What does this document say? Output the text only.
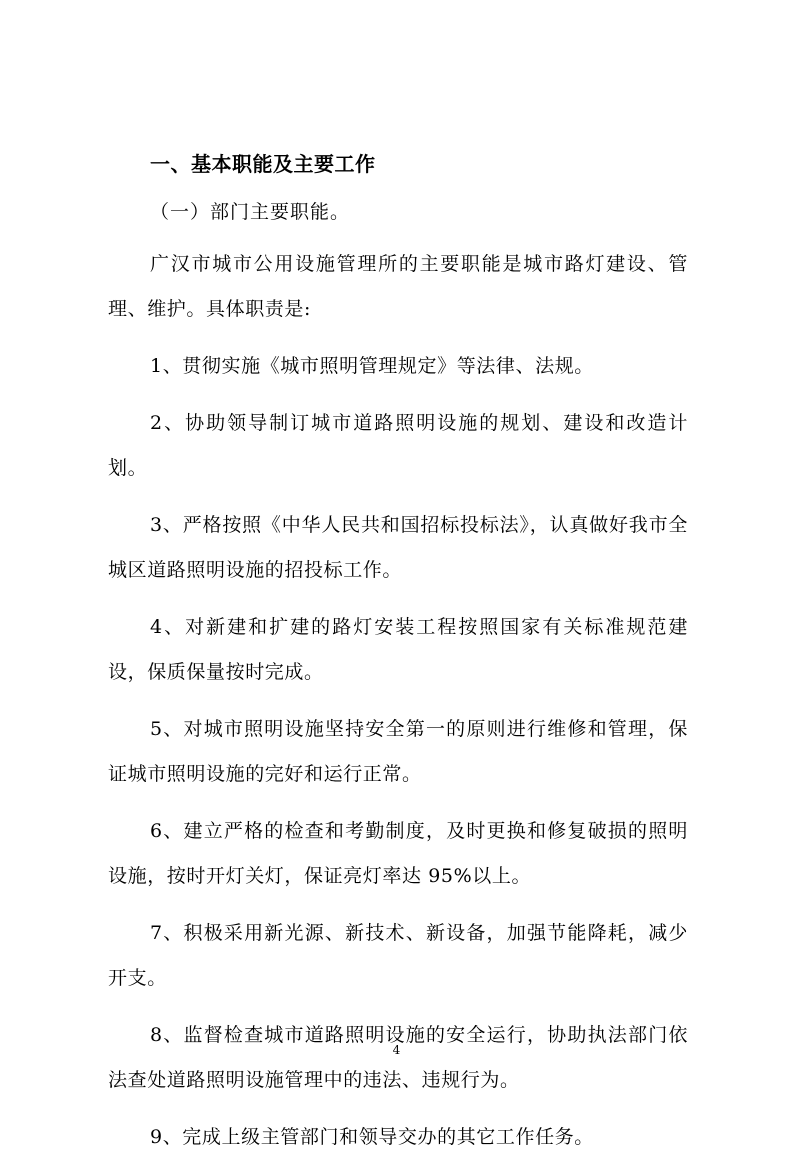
一、基本职能及主要工作

（一）部门主要职能。

广汉市城市公用设施管理所的主要职能是城市路灯建设、管理、维护。具体职责是:

1、贯彻实施《城市照明管理规定》等法律、法规。

2、协助领导制订城市道路照明设施的规划、建设和改造计划。

3、严格按照《中华人民共和国招标投标法》，认真做好我市全城区道路照明设施的招投标工作。

4、对新建和扩建的路灯安装工程按照国家有关标准规范建设，保质保量按时完成。

5、对城市照明设施坚持安全第一的原则进行维修和管理，保证城市照明设施的完好和运行正常。

6、建立严格的检查和考勤制度，及时更换和修复破损的照明设施，按时开灯关灯，保证亮灯率达 95%以上。

7、积极采用新光源、新技术、新设备，加强节能降耗，减少开支。

8、监督检查城市道路照明设施的安全运行，协助执法部门依法查处道路照明设施管理中的违法、违规行为。

9、完成上级主管部门和领导交办的其它工作任务。

4
